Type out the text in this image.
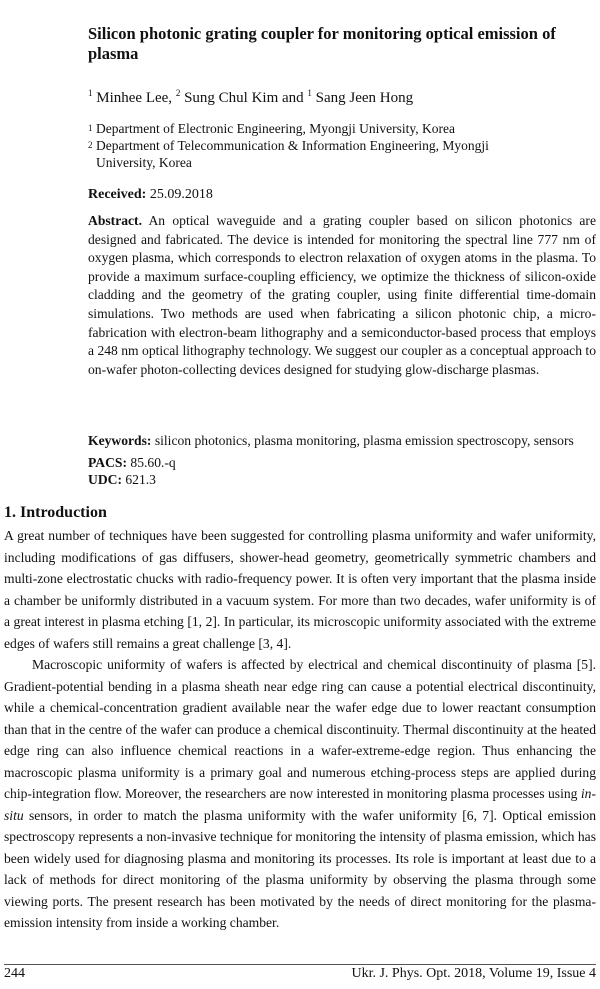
Silicon photonic grating coupler for monitoring optical emission of plasma
$^1$ Minhee Lee, $^2$ Sung Chul Kim and $^1$ Sang Jeen Hong
1 Department of Electronic Engineering, Myongji University, Korea
2 Department of Telecommunication & Information Engineering, Myongji University, Korea
Received: 25.09.2018
Abstract. An optical waveguide and a grating coupler based on silicon photonics are designed and fabricated. The device is intended for monitoring the spectral line 777 nm of oxygen plasma, which corresponds to electron relaxation of oxygen atoms in the plasma. To provide a maximum surface-coupling efficiency, we optimize the thickness of silicon-oxide cladding and the geometry of the grating coupler, using finite differential time-domain simulations. Two methods are used when fabricating a silicon photonic chip, a micro-fabrication with electron-beam lithography and a semiconductor-based process that employs a 248 nm optical lithography technology. We suggest our coupler as a conceptual approach to on-wafer photon-collecting devices designed for studying glow-discharge plasmas.
Keywords: silicon photonics, plasma monitoring, plasma emission spectroscopy, sensors
PACS: 85.60.-q
UDC: 621.3
1. Introduction

A great number of techniques have been suggested for controlling plasma uniformity and wafer uniformity, including modifications of gas diffusers, shower-head geometry, geometrically symmetric chambers and multi-zone electrostatic chucks with radio-frequency power. It is often very important that the plasma inside a chamber be uniformly distributed in a vacuum system. For more than two decades, wafer uniformity is of a great interest in plasma etching [1, 2]. In particular, its microscopic uniformity associated with the extreme edges of wafers still remains a great challenge [3, 4].

Macroscopic uniformity of wafers is affected by electrical and chemical discontinuity of plasma [5]. Gradient-potential bending in a plasma sheath near edge ring can cause a potential electrical discontinuity, while a chemical-concentration gradient available near the wafer edge due to lower reactant consumption than that in the centre of the wafer can produce a chemical discontinuity. Thermal discontinuity at the heated edge ring can also influence chemical reactions in a wafer-extreme-edge region. Thus enhancing the macroscopic plasma uniformity is a primary goal and numerous etching-process steps are applied during chip-integration flow. Moreover, the researchers are now interested in monitoring plasma processes using in-situ sensors, in order to match the plasma uniformity with the wafer uniformity [6, 7]. Optical emission spectroscopy represents a non-invasive technique for monitoring the intensity of plasma emission, which has been widely used for diagnosing plasma and monitoring its processes. Its role is important at least due to a lack of methods for direct monitoring of the plasma uniformity by observing the plasma through some viewing ports. The present research has been motivated by the needs of direct monitoring for the plasma-emission intensity from inside a working chamber.

244	Ukr. J. Phys. Opt. 2018, Volume 19, Issue 4
